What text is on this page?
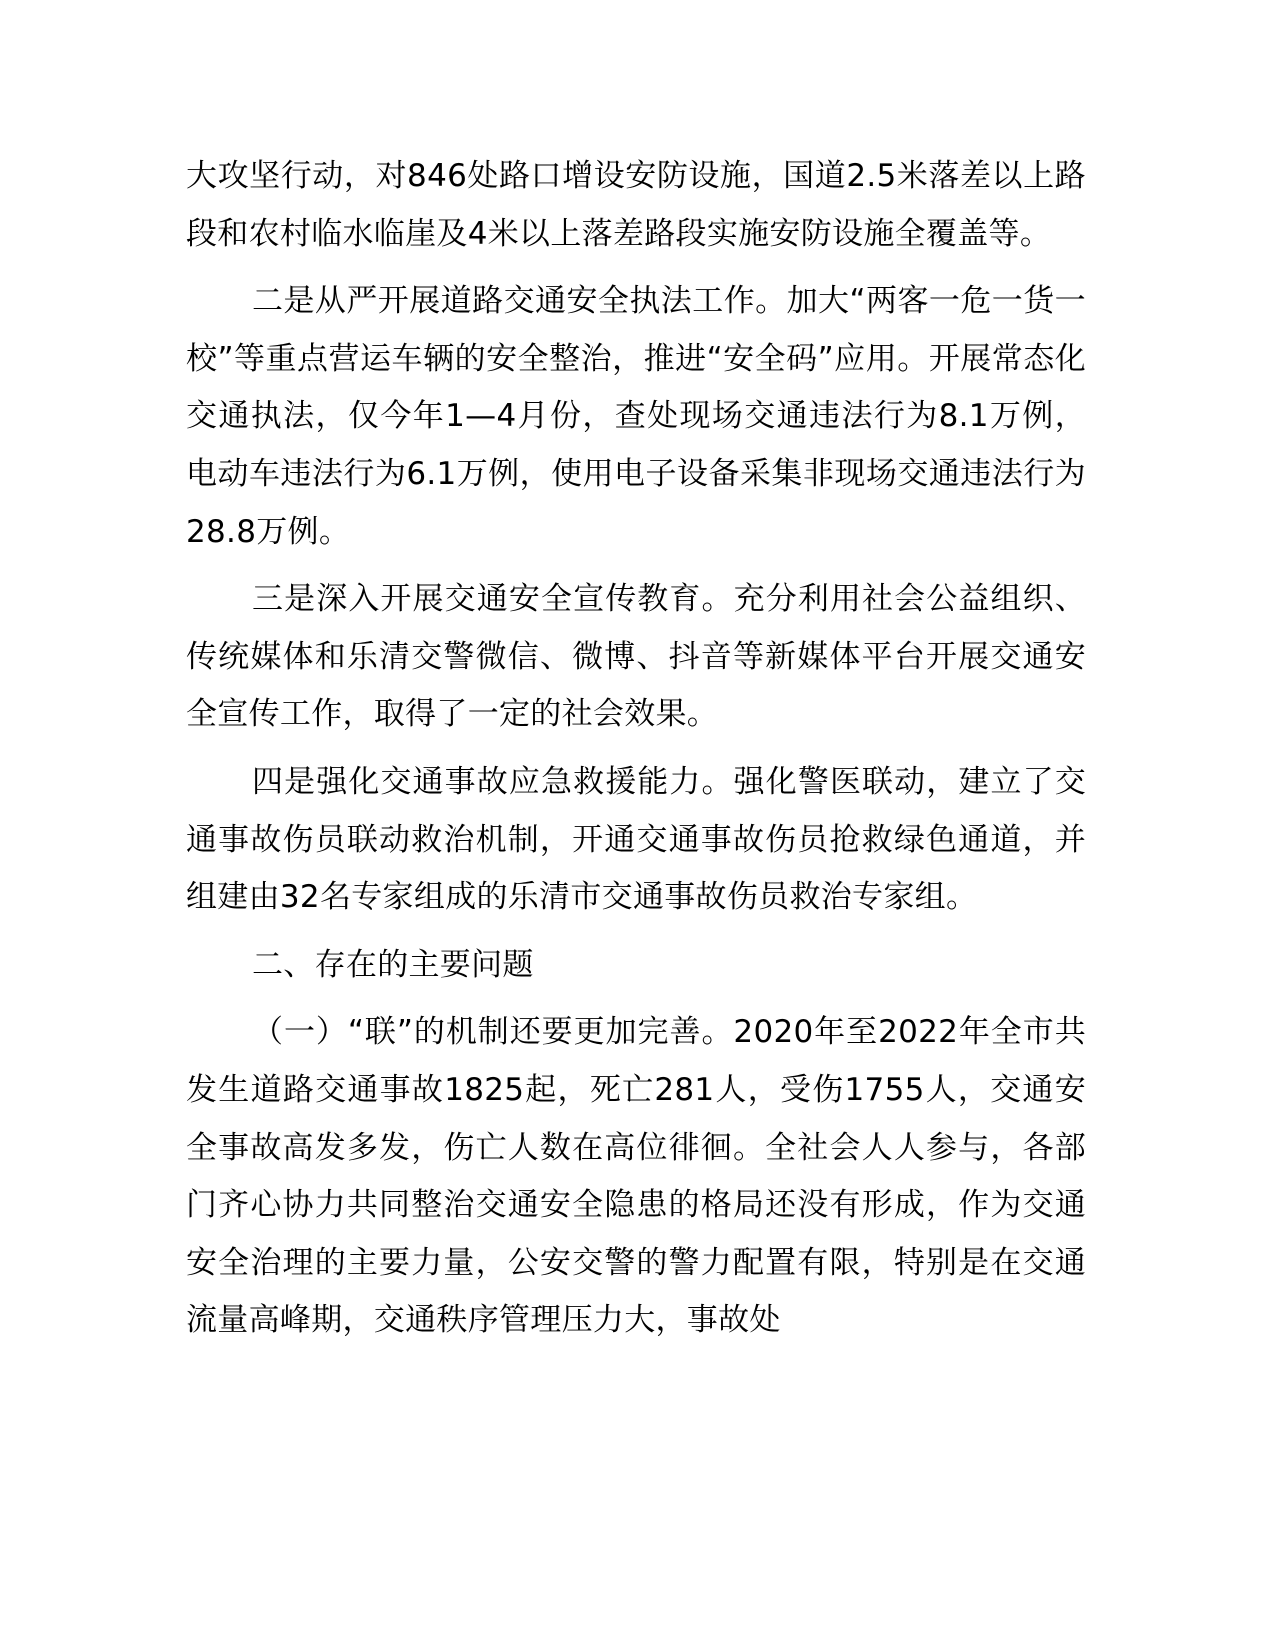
大攻坚行动，对846处路口增设安防设施，国道2.5米落差以上路段和农村临水临崖及4米以上落差路段实施安防设施全覆盖等。

二是从严开展道路交通安全执法工作。加大“两客一危一货一校”等重点营运车辆的安全整治，推进“安全码”应用。开展常态化交通执法，仅今年1—4月份，查处现场交通违法行为8.1万例，电动车违法行为6.1万例，使用电子设备采集非现场交通违法行为28.8万例。

三是深入开展交通安全宣传教育。充分利用社会公益组织、传统媒体和乐清交警微信、微博、抖音等新媒体平台开展交通安全宣传工作，取得了一定的社会效果。

四是强化交通事故应急救援能力。强化警医联动，建立了交通事故伤员联动救治机制，开通交通事故伤员抢救绿色通道，并组建由32名专家组成的乐清市交通事故伤员救治专家组。

二、存在的主要问题

（一）“联”的机制还要更加完善。2020年至2022年全市共发生道路交通事故1825起，死亡281人，受伤1755人，交通安全事故高发多发，伤亡人数在高位徘徊。全社会人人参与，各部门齐心协力共同整治交通安全隐患的格局还没有形成，作为交通安全治理的主要力量，公安交警的警力配置有限，特别是在交通流量高峰期，交通秩序管理压力大，事故处
